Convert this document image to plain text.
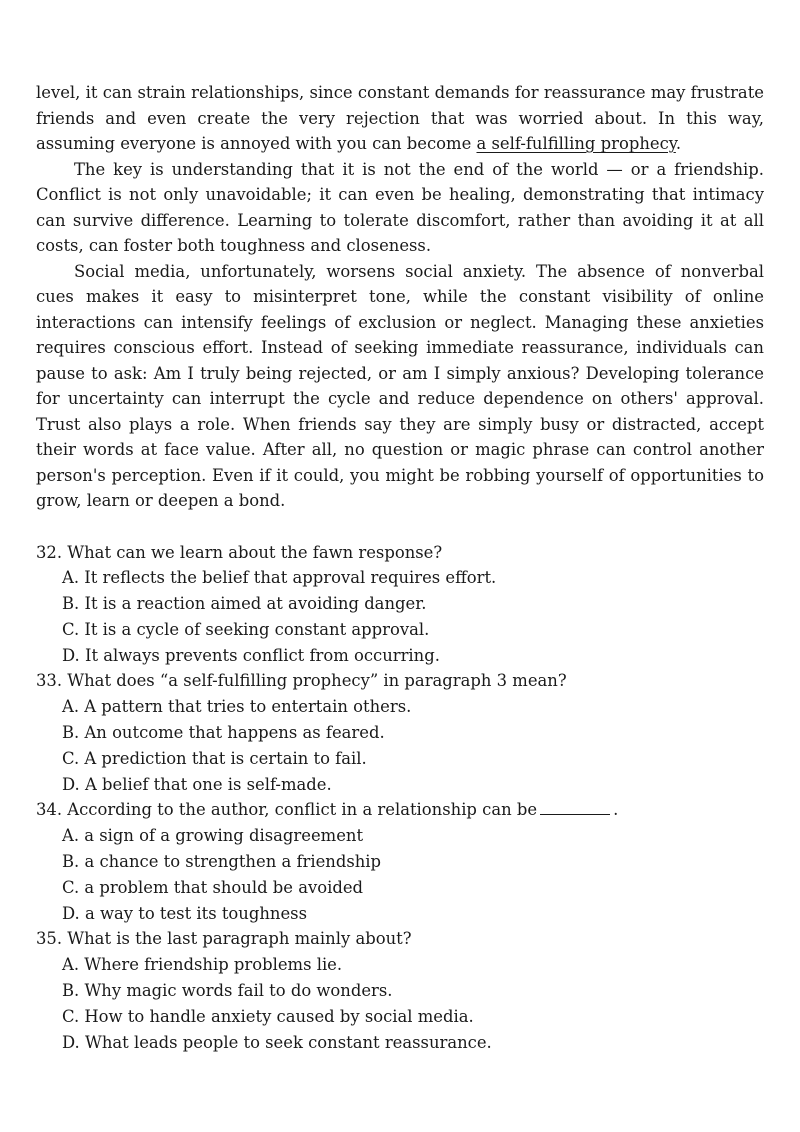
level, it can strain relationships, since constant demands for reassurance may frustrate friends and even create the very rejection that was worried about. In this way, assuming everyone is annoyed with you can become a self-fulfilling prophecy.

The key is understanding that it is not the end of the world — or a friendship. Conflict is not only unavoidable; it can even be healing, demonstrating that intimacy can survive difference. Learning to tolerate discomfort, rather than avoiding it at all costs, can foster both toughness and closeness.

Social media, unfortunately, worsens social anxiety. The absence of nonverbal cues makes it easy to misinterpret tone, while the constant visibility of online interactions can intensify feelings of exclusion or neglect. Managing these anxieties requires conscious effort. Instead of seeking immediate reassurance, individuals can pause to ask: Am I truly being rejected, or am I simply anxious? Developing tolerance for uncertainty can interrupt the cycle and reduce dependence on others' approval. Trust also plays a role. When friends say they are simply busy or distracted, accept their words at face value. After all, no question or magic phrase can control another person's perception. Even if it could, you might be robbing yourself of opportunities to grow, learn or deepen a bond.

32. What can we learn about the fawn response?

A. It reflects the belief that approval requires effort.

B. It is a reaction aimed at avoiding danger.

C. It is a cycle of seeking constant approval.

D. It always prevents conflict from occurring.

33. What does “a self-fulfilling prophecy” in paragraph 3 mean?

A. A pattern that tries to entertain others.

B. An outcome that happens as feared.

C. A prediction that is certain to fail.

D. A belief that one is self-made.

34. According to the author, conflict in a relationship can be	.

A. a sign of a growing disagreement

B. a chance to strengthen a friendship

C. a problem that should be avoided

D. a way to test its toughness

35. What is the last paragraph mainly about?

A. Where friendship problems lie.

B. Why magic words fail to do wonders.

C. How to handle anxiety caused by social media.

D. What leads people to seek constant reassurance.
